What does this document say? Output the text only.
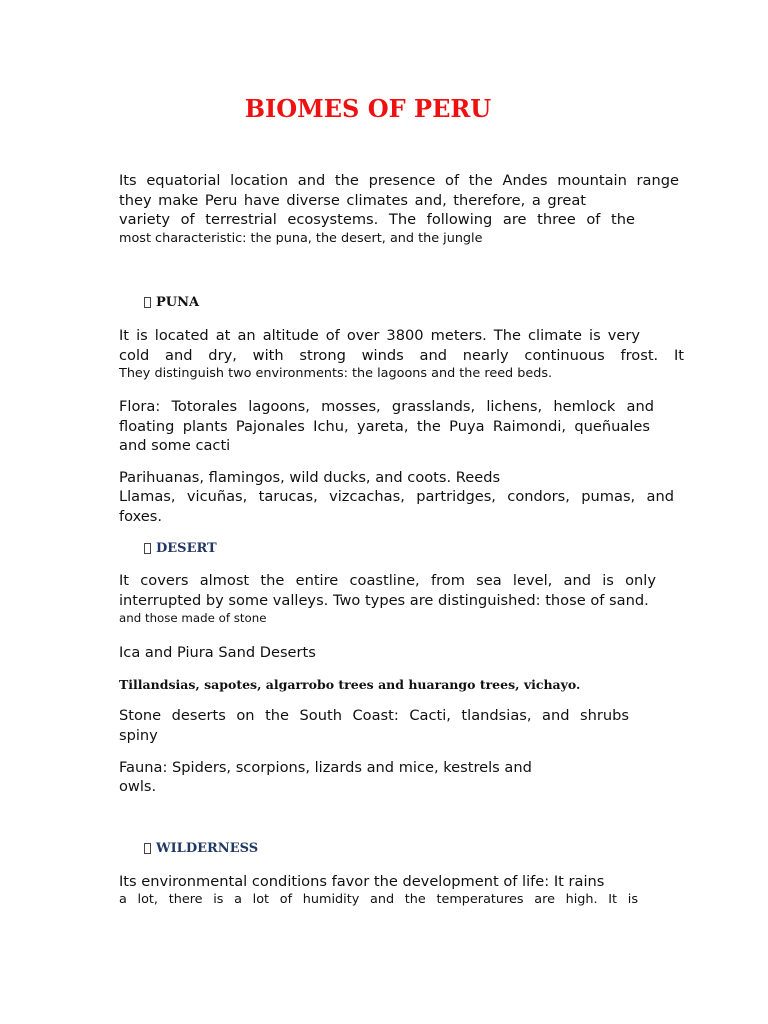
BIOMES OF PERU
Its equatorial location and the presence of the Andes mountain range
they make Peru have diverse climates and, therefore, a great
variety of terrestrial ecosystems. The following are three of the
most characteristic: the puna, the desert, and the jungle
PUNA
It is located at an altitude of over 3800 meters. The climate is very
cold and dry, with strong winds and nearly continuous frost. It
They distinguish two environments: the lagoons and the reed beds.
Flora: Totorales lagoons, mosses, grasslands, lichens, hemlock and
floating plants Pajonales Ichu, yareta, the Puya Raimondi, queñuales
and some cacti
Parihuanas, flamingos, wild ducks, and coots. Reeds
Llamas, vicuñas, tarucas, vizcachas, partridges, condors, pumas, and
foxes.
DESERT
It covers almost the entire coastline, from sea level, and is only
interrupted by some valleys. Two types are distinguished: those of sand.
and those made of stone
Ica and Piura Sand Deserts
Tillandsias, sapotes, algarrobo trees and huarango trees, vichayo.
Stone deserts on the South Coast: Cacti, tlandsias, and shrubs
spiny
Fauna: Spiders, scorpions, lizards and mice, kestrels and
owls.
WILDERNESS
Its environmental conditions favor the development of life: It rains
a lot, there is a lot of humidity and the temperatures are high. It is
